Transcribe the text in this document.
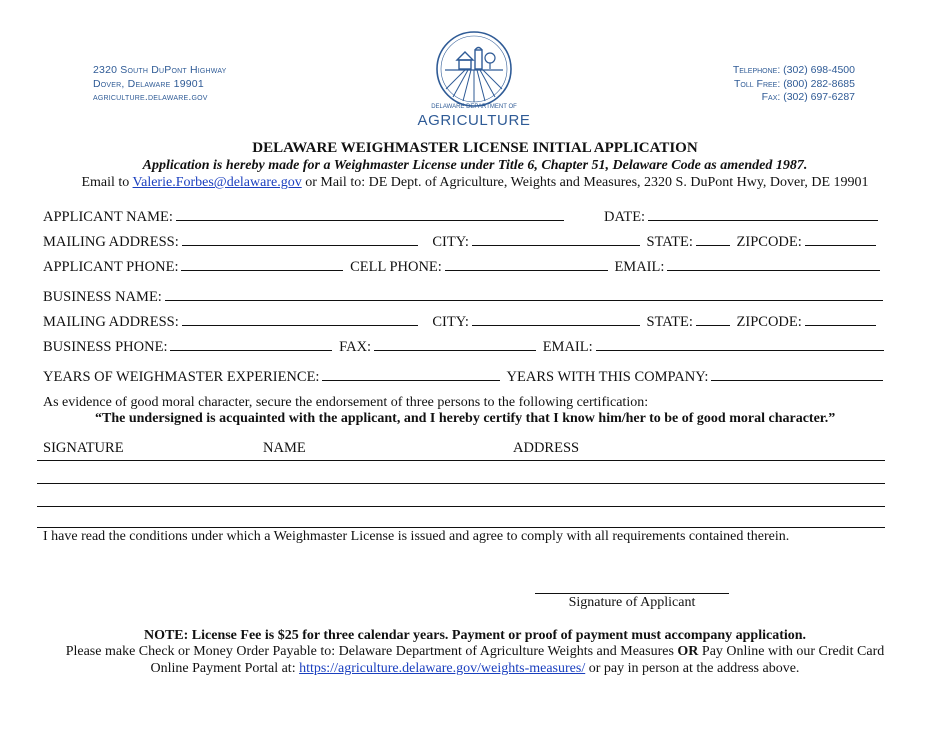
2320 South DuPont Highway
Dover, Delaware 19901
agriculture.delaware.gov
DELAWARE DEPARTMENT OF
AGRICULTURE
Telephone: (302) 698-4500
Toll Free: (800) 282-8685
Fax: (302) 697-6287
DELAWARE WEIGHMASTER LICENSE INITIAL APPLICATION
Application is hereby made for a Weighmaster License under Title 6, Chapter 51, Delaware Code as amended 1987.
Email to Valerie.Forbes@delaware.gov or Mail to: DE Dept. of Agriculture, Weights and Measures, 2320 S. DuPont Hwy, Dover, DE 19901
APPLICANT NAME:	DATE:
MAILING ADDRESS:	CITY:	STATE:	ZIPCODE:
APPLICANT PHONE:	CELL PHONE:	EMAIL:
BUSINESS NAME:
MAILING ADDRESS:	CITY:	STATE:	ZIPCODE:
BUSINESS PHONE:	FAX:	EMAIL:
YEARS OF WEIGHMASTER EXPERIENCE:	YEARS WITH THIS COMPANY:
As evidence of good moral character, secure the endorsement of three persons to the following certification:
“The undersigned is acquainted with the applicant, and I hereby certify that I know him/her to be of good moral character.”
SIGNATURE	NAME	ADDRESS
I have read the conditions under which a Weighmaster License is issued and agree to comply with all requirements contained therein.
Signature of Applicant
NOTE: License Fee is $25 for three calendar years. Payment or proof of payment must accompany application.
Please make Check or Money Order Payable to: Delaware Department of Agriculture Weights and Measures OR Pay Online with our Credit Card
Online Payment Portal at: https://agriculture.delaware.gov/weights-measures/ or pay in person at the address above.
